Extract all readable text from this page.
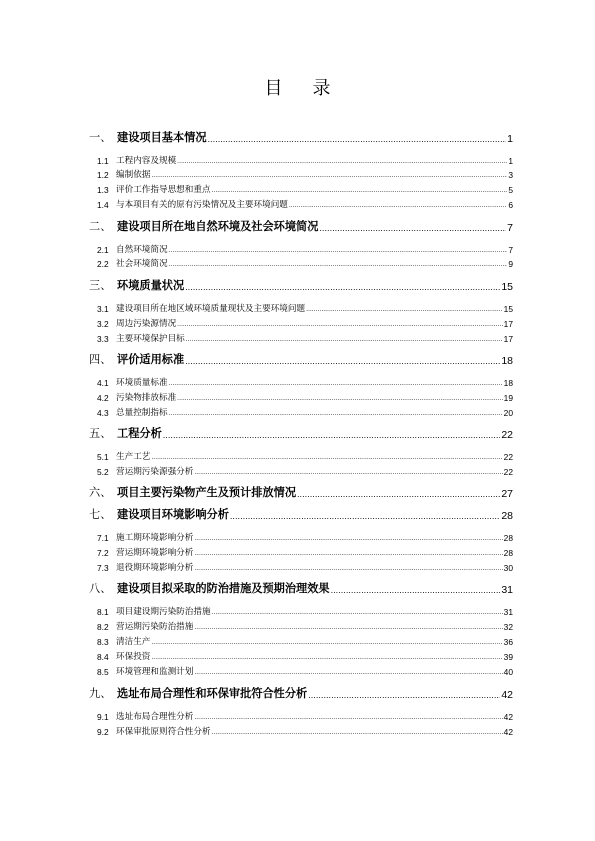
目 录
一、 建设项目基本情况 .....	1
1.1 工程内容及规模 .....	1
1.2 编制依据 .....	3
1.3 评价工作指导思想和重点 .....	5
1.4 与本项目有关的原有污染情况及主要环境问题 .....	6
二、 建设项目所在地自然环境及社会环境简况 .....	7
2.1 自然环境简况 .....	7
2.2 社会环境简况 .....	9
三、 环境质量状况 .....	15
3.1 建设项目所在地区域环境质量现状及主要环境问题 .....	15
3.2 周边污染源情况 .....	17
3.3 主要环境保护目标 .....	17
四、 评价适用标准 .....	18
4.1 环境质量标准 .....	18
4.2 污染物排放标准 .....	19
4.3 总量控制指标 .....	20
五、 工程分析 .....	22
5.1 生产工艺 .....	22
5.2 营运期污染源强分析 .....	22
六、 项目主要污染物产生及预计排放情况 .....	27
七、 建设项目环境影响分析 .....	28
7.1 施工期环境影响分析 .....	28
7.2 营运期环境影响分析 .....	28
7.3 退役期环境影响分析 .....	30
八、 建设项目拟采取的防治措施及预期治理效果 .....	31
8.1 项目建设期污染防治措施 .....	31
8.2 营运期污染防治措施 .....	32
8.3 清洁生产 .....	36
8.4 环保投资 .....	39
8.5 环境管理和监测计划 .....	40
九、 选址布局合理性和环保审批符合性分析 .....	42
9.1 选址布局合理性分析 .....	42
9.2 环保审批原则符合性分析 .....	42
